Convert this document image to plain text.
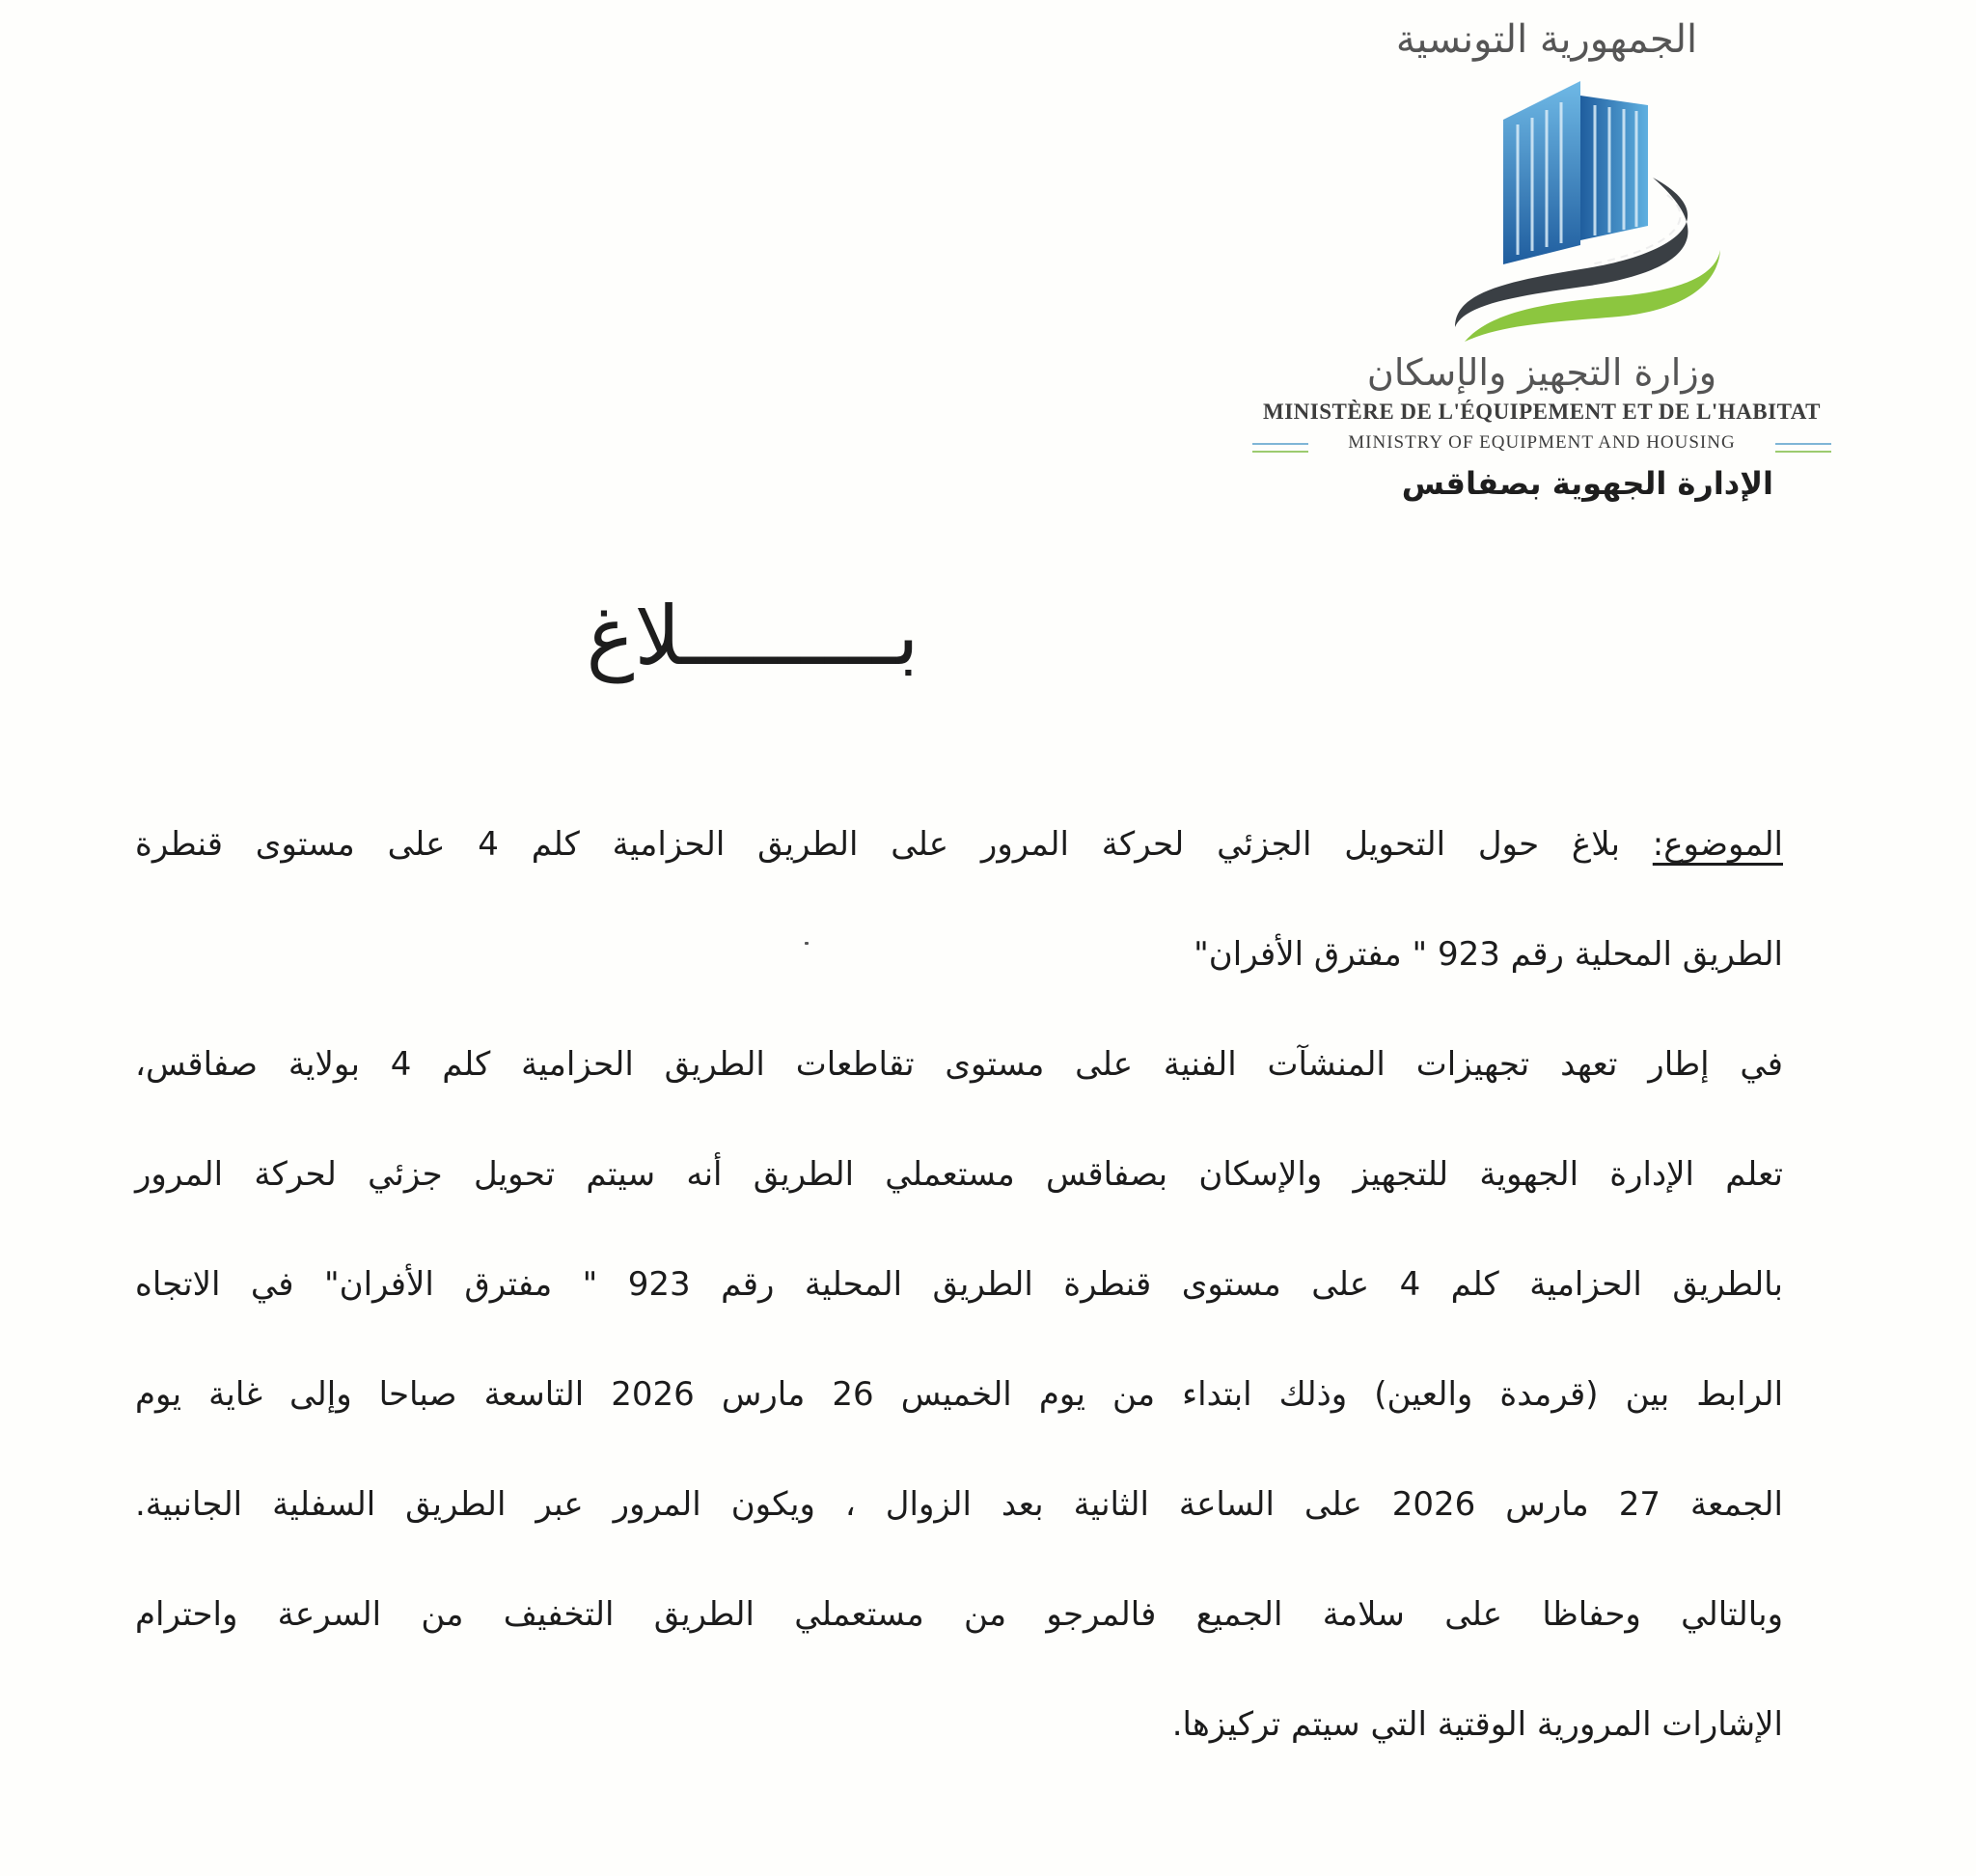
الجمهورية التونسية
وزارة التجهيز والإسكان
MINISTÈRE DE L'ÉQUIPEMENT ET DE L'HABITAT
MINISTRY OF EQUIPMENT AND HOUSING
الإدارة الجهوية بصفاقس
بـــــــــلاغ
الموضوع: بلاغ حول التحويل الجزئي لحركة المرور على الطريق الحزامية كلم 4 على مستوى قنطرة
الطريق المحلية رقم 923 " مفترق الأفران"
في إطار تعهد تجهيزات المنشآت الفنية على مستوى تقاطعات الطريق الحزامية كلم 4 بولاية صفاقس،
تعلم الإدارة الجهوية للتجهيز والإسكان بصفاقس مستعملي الطريق أنه سيتم تحويل جزئي لحركة المرور
بالطريق الحزامية كلم 4 على مستوى قنطرة الطريق المحلية رقم 923 " مفترق الأفران" في الاتجاه
الرابط بين (قرمدة والعين) وذلك ابتداء من يوم الخميس 26 مارس 2026 التاسعة صباحا وإلى غاية يوم
الجمعة 27 مارس 2026 على الساعة الثانية بعد الزوال ، ويكون المرور عبر الطريق السفلية الجانبية.
وبالتالي وحفاظا على سلامة الجميع فالمرجو من مستعملي الطريق التخفيف من السرعة واحترام
الإشارات المرورية الوقتية التي سيتم تركيزها.
